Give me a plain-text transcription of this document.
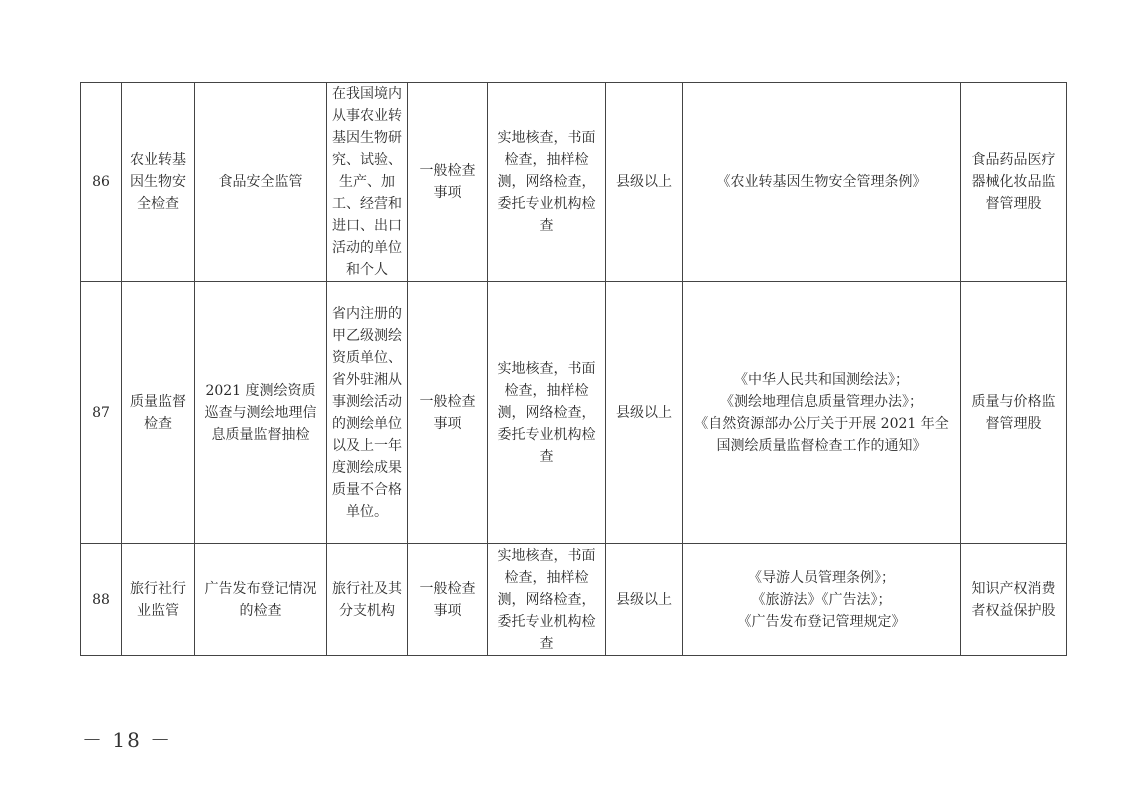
86	农业转基因生物安全检查	食品安全监管	在我国境内从事农业转基因生物研究、试验、生产、加工、经营和进口、出口活动的单位和个人	一般检查事项	实地核查，书面检查，抽样检测，网络检查，委托专业机构检查	县级以上	《农业转基因生物安全管理条例》	食品药品医疗器械化妆品监督管理股
87	质量监督检查	2021 度测绘资质巡查与测绘地理信息质量监督抽检	省内注册的甲乙级测绘资质单位、省外驻湘从事测绘活动的测绘单位以及上一年度测绘成果质量不合格单位。	一般检查事项	实地核查，书面检查，抽样检测，网络检查，委托专业机构检查	县级以上	《中华人民共和国测绘法》；
《测绘地理信息质量管理办法》；
《自然资源部办公厅关于开展 2021 年全国测绘质量监督检查工作的通知》	质量与价格监督管理股
88	旅行社行业监管	广告发布登记情况的检查	旅行社及其分支机构	一般检查事项	实地核查，书面检查，抽样检测，网络检查，委托专业机构检查	县级以上	《导游人员管理条例》；
《旅游法》《广告法》；
《广告发布登记管理规定》	知识产权消费者权益保护股
－ 18 －
